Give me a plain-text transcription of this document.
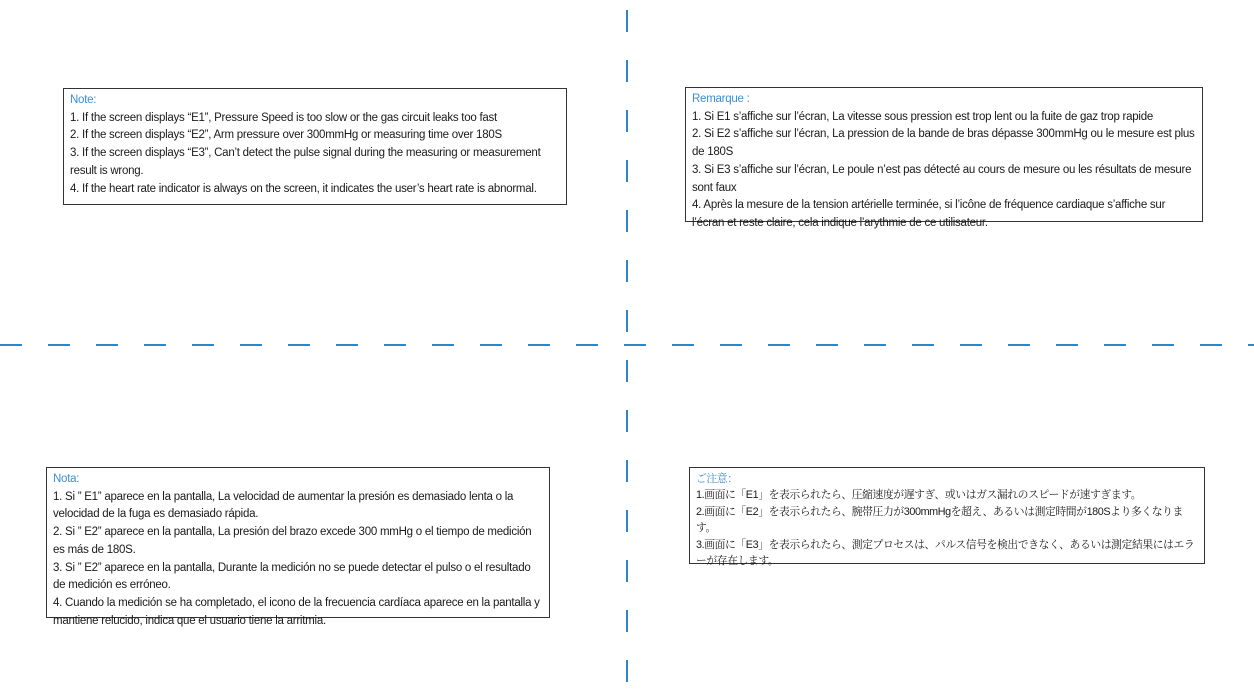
Note:
1. If the screen displays “E1”, Pressure Speed is too slow or the gas circuit leaks too fast
2. If the screen displays “E2”, Arm pressure over 300mmHg or measuring time over 180S
3. If the screen displays “E3”, Can’t detect the pulse signal during the measuring or measurement result is wrong.
4. If the heart rate indicator is always on the screen, it indicates the user’s heart rate is abnormal.
Remarque :
1. Si E1 s’affiche sur l’écran, La vitesse sous pression est trop lent ou la fuite de gaz trop rapide
2. Si E2 s’affiche sur l’écran, La pression de la bande de bras dépasse 300mmHg ou le mesure est plus de 180S
3. Si E3 s’affiche sur l’écran, Le poule n’est pas détecté au cours de mesure ou les résultats de mesure sont faux
4. Après la mesure de la tension artérielle terminée, si l’icône de fréquence cardiaque s’affiche sur l’écran et reste claire, cela indique l’arythmie de ce utilisateur.
Nota:
1. Si ” E1” aparece en la pantalla, La velocidad de aumentar la presión es demasiado lenta o la velocidad de la fuga es demasiado rápida.
2. Si ” E2” aparece en la pantalla, La presión del brazo excede 300 mmHg o el tiempo de medición es más de 180S.
3. Si ” E2” aparece en la pantalla, Durante la medición no se puede detectar el pulso o el resultado de medición es erróneo.
4. Cuando la medición se ha completado, el icono de la frecuencia cardíaca aparece en la pantalla y mantiene relucido, indica que el usuario tiene la arritmia.
ご注意：
1.画面に「E1」を表示られたら、圧縮速度が遅すぎ、或いはガス漏れのスピードが速すぎます。
2.画面に「E2」を表示られたら、腕帯圧力が300mmHgを超え、あるいは測定時間が180Sより多くなります。
3.画面に「E3」を表示られたら、測定プロセスは、パルス信号を検出できなく、あるいは測定結果にはエラーが存在します。
